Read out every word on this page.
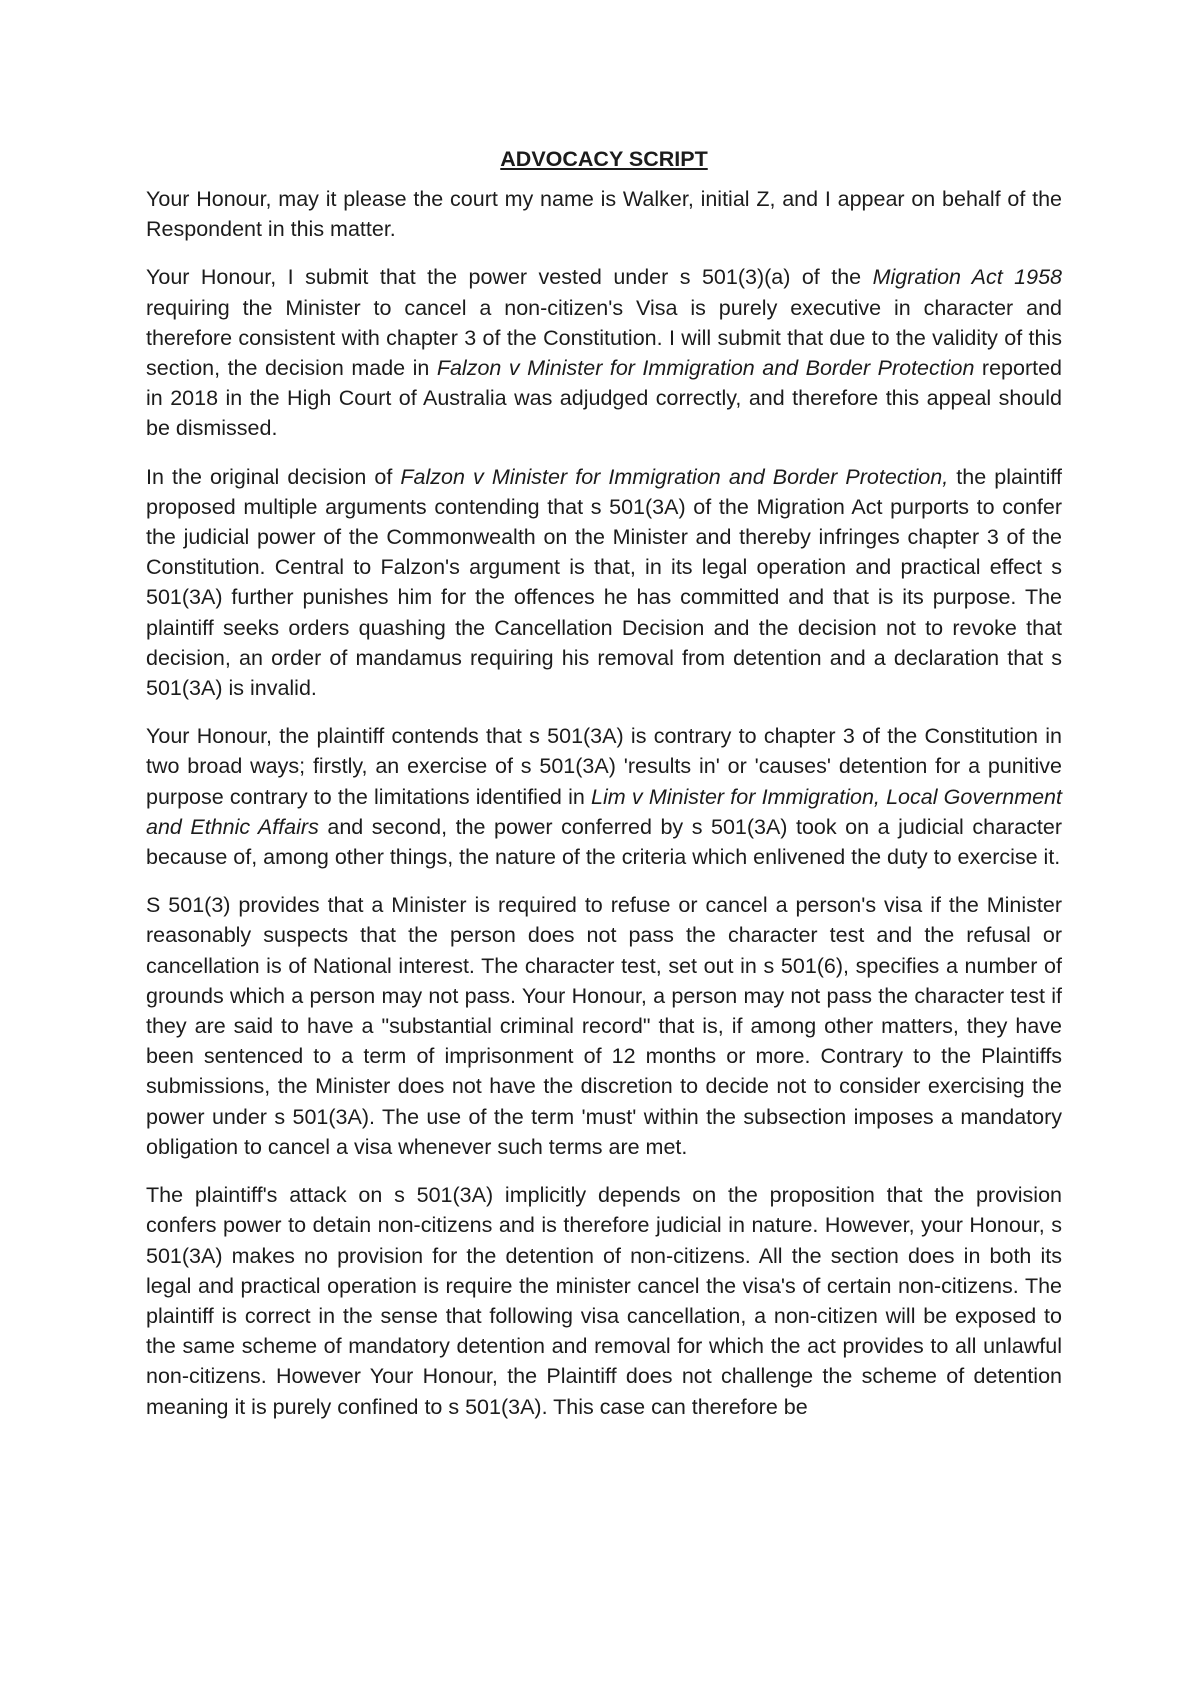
ADVOCACY SCRIPT
Your Honour, may it please the court my name is Walker, initial Z, and I appear on behalf of the Respondent in this matter.
Your Honour, I submit that the power vested under s 501(3)(a) of the Migration Act 1958 requiring the Minister to cancel a non-citizen's Visa is purely executive in character and therefore consistent with chapter 3 of the Constitution. I will submit that due to the validity of this section, the decision made in Falzon v Minister for Immigration and Border Protection reported in 2018 in the High Court of Australia was adjudged correctly, and therefore this appeal should be dismissed.
In the original decision of Falzon v Minister for Immigration and Border Protection, the plaintiff proposed multiple arguments contending that s 501(3A) of the Migration Act purports to confer the judicial power of the Commonwealth on the Minister and thereby infringes chapter 3 of the Constitution. Central to Falzon's argument is that, in its legal operation and practical effect s 501(3A) further punishes him for the offences he has committed and that is its purpose. The plaintiff seeks orders quashing the Cancellation Decision and the decision not to revoke that decision, an order of mandamus requiring his removal from detention and a declaration that s 501(3A) is invalid.
Your Honour, the plaintiff contends that s 501(3A) is contrary to chapter 3 of the Constitution in two broad ways; firstly, an exercise of s 501(3A) 'results in' or 'causes' detention for a punitive purpose contrary to the limitations identified in Lim v Minister for Immigration, Local Government and Ethnic Affairs and second, the power conferred by s 501(3A) took on a judicial character because of, among other things, the nature of the criteria which enlivened the duty to exercise it.
S 501(3) provides that a Minister is required to refuse or cancel a person's visa if the Minister reasonably suspects that the person does not pass the character test and the refusal or cancellation is of National interest. The character test, set out in s 501(6), specifies a number of grounds which a person may not pass. Your Honour, a person may not pass the character test if they are said to have a "substantial criminal record" that is, if among other matters, they have been sentenced to a term of imprisonment of 12 months or more. Contrary to the Plaintiffs submissions, the Minister does not have the discretion to decide not to consider exercising the power under s 501(3A). The use of the term 'must' within the subsection imposes a mandatory obligation to cancel a visa whenever such terms are met.
The plaintiff's attack on s 501(3A) implicitly depends on the proposition that the provision confers power to detain non-citizens and is therefore judicial in nature. However, your Honour, s 501(3A) makes no provision for the detention of non-citizens. All the section does in both its legal and practical operation is require the minister cancel the visa's of certain non-citizens. The plaintiff is correct in the sense that following visa cancellation, a non-citizen will be exposed to the same scheme of mandatory detention and removal for which the act provides to all unlawful non-citizens. However Your Honour, the Plaintiff does not challenge the scheme of detention meaning it is purely confined to s 501(3A). This case can therefore be
